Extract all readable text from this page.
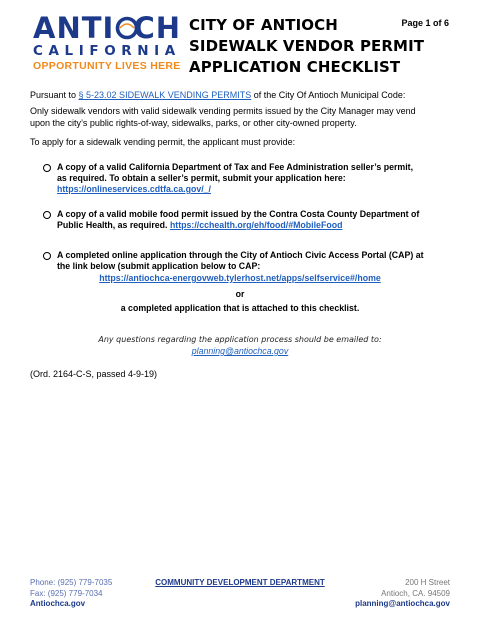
ANTI CH
CALIFORNIA
OPPORTUNITY LIVES HERE
CITY OF ANTIOCH
SIDEWALK VENDOR PERMIT
APPLICATION CHECKLIST
Page 1 of 6
Pursuant to § 5-23.02 SIDEWALK VENDING PERMITS of the City Of Antioch Municipal Code:
Only sidewalk vendors with valid sidewalk vending permits issued by the City Manager may vend
upon the city’s public rights-of-way, sidewalks, parks, or other city-owned property.
To apply for a sidewalk vending permit, the applicant must provide:
A copy of a valid California Department of Tax and Fee Administration seller’s permit,
as required. To obtain a seller’s permit, submit your application here:
https://onlineservices.cdtfa.ca.gov/_/
A copy of a valid mobile food permit issued by the Contra Costa County Department of
Public Health, as required. https://cchealth.org/eh/food/#MobileFood
A completed online application through the City of Antioch Civic Access Portal (CAP) at
the link below (submit application below to CAP:
https://antiochca-energovweb.tylerhost.net/apps/selfservice#/home
or
a completed application that is attached to this checklist.
Any questions regarding the application process should be emailed to:
planning@antiochca.gov
(Ord. 2164-C-S, passed 4-9-19)
Phone: (925) 779-7035
Fax: (925) 779-7034
Antiochca.gov
COMMUNITY DEVELOPMENT DEPARTMENT	200 H Street
Antioch, CA. 94509
planning@antiochca.gov
